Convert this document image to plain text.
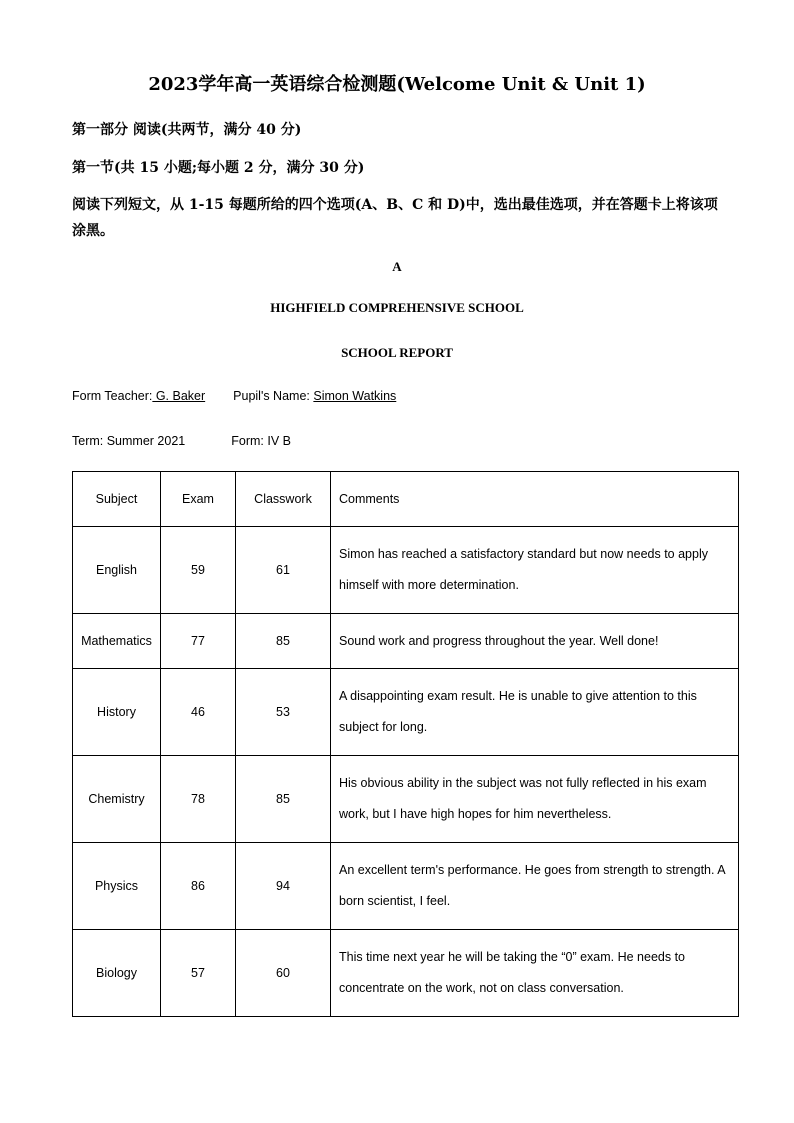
2023学年高一英语综合检测题(Welcome Unit & Unit 1)
第一部分 阅读(共两节，满分 40 分)
第一节(共 15 小题;每小题 2 分，满分 30 分)
阅读下列短文，从 1-15 每题所给的四个选项(A、B、C 和 D)中，选出最佳选项，并在答题卡上将该项涂黑。
A
HIGHFIELD COMPREHENSIVE SCHOOL
SCHOOL REPORT
Form Teacher: G. Baker Pupil's Name: Simon Watkins
Term: Summer 2021	Form: IV B
Subject	Exam	Classwork	Comments
English	59	61	Simon has reached a satisfactory standard but now needs to apply himself with more determination.
Mathematics	77	85	Sound work and progress throughout the year. Well done!
History	46	53	A disappointing exam result. He is unable to give attention to this subject for long.
Chemistry	78	85	His obvious ability in the subject was not fully reflected in his exam work, but I have high hopes for him nevertheless.
Physics	86	94	An excellent term's performance. He goes from strength to strength. A born scientist, I feel.
Biology	57	60	This time next year he will be taking the “0” exam. He needs to concentrate on the work, not on class conversation.
